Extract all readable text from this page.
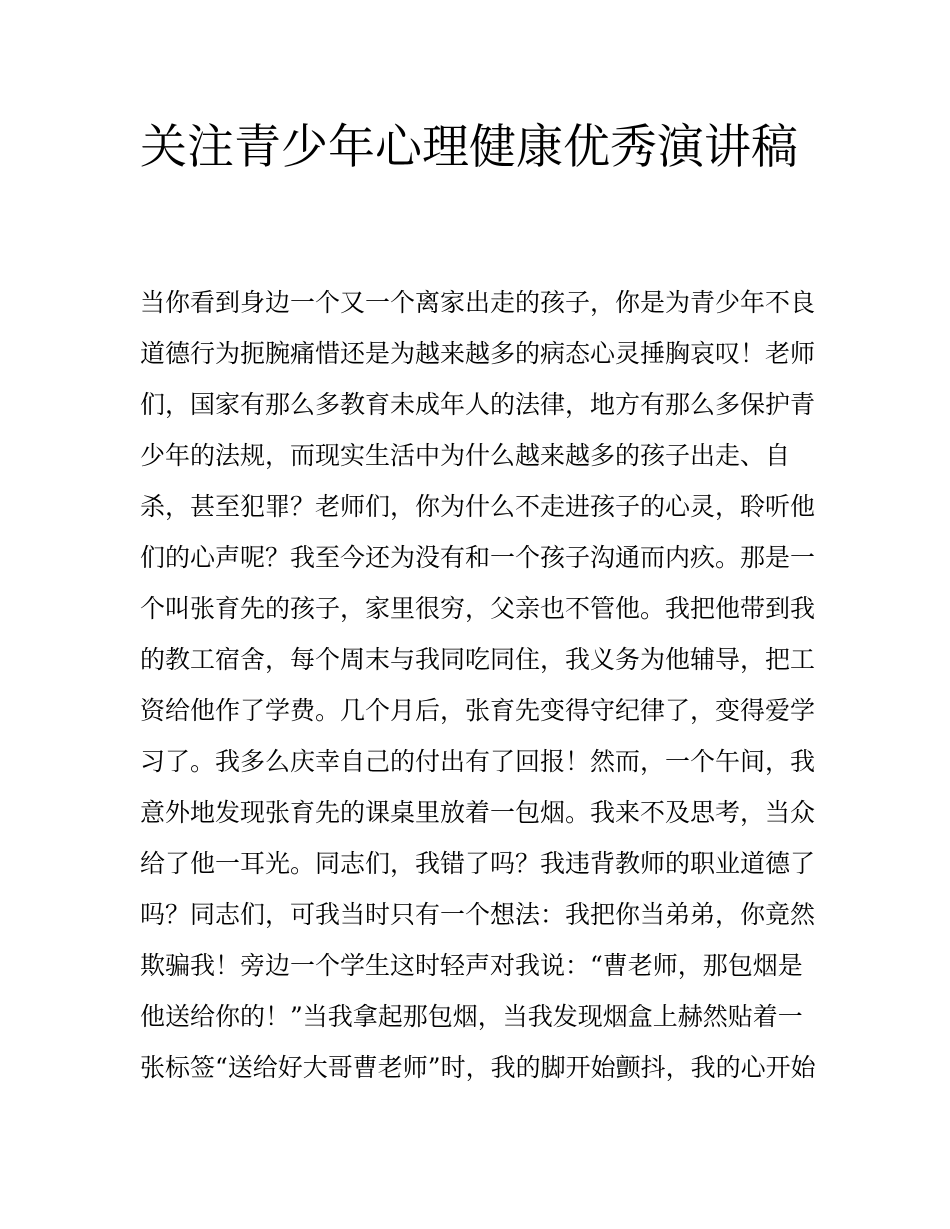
关注青少年心理健康优秀演讲稿
当你看到身边一个又一个离家出走的孩子，你是为青少年不良
道德行为扼腕痛惜还是为越来越多的病态心灵捶胸哀叹！老师
们，国家有那么多教育未成年人的法律，地方有那么多保护青
少年的法规，而现实生活中为什么越来越多的孩子出走、自
杀，甚至犯罪？老师们，你为什么不走进孩子的心灵，聆听他
们的心声呢？我至今还为没有和一个孩子沟通而内疚。那是一
个叫张育先的孩子，家里很穷，父亲也不管他。我把他带到我
的教工宿舍，每个周末与我同吃同住，我义务为他辅导，把工
资给他作了学费。几个月后，张育先变得守纪律了，变得爱学
习了。我多么庆幸自己的付出有了回报！然而，一个午间，我
意外地发现张育先的课桌里放着一包烟。我来不及思考，当众
给了他一耳光。同志们，我错了吗？我违背教师的职业道德了
吗？同志们，可我当时只有一个想法：我把你当弟弟，你竟然
欺骗我！旁边一个学生这时轻声对我说：“曹老师，那包烟是
他送给你的！”当我拿起那包烟，当我发现烟盒上赫然贴着一
张标签“送给好大哥曹老师”时，我的脚开始颤抖，我的心开始
